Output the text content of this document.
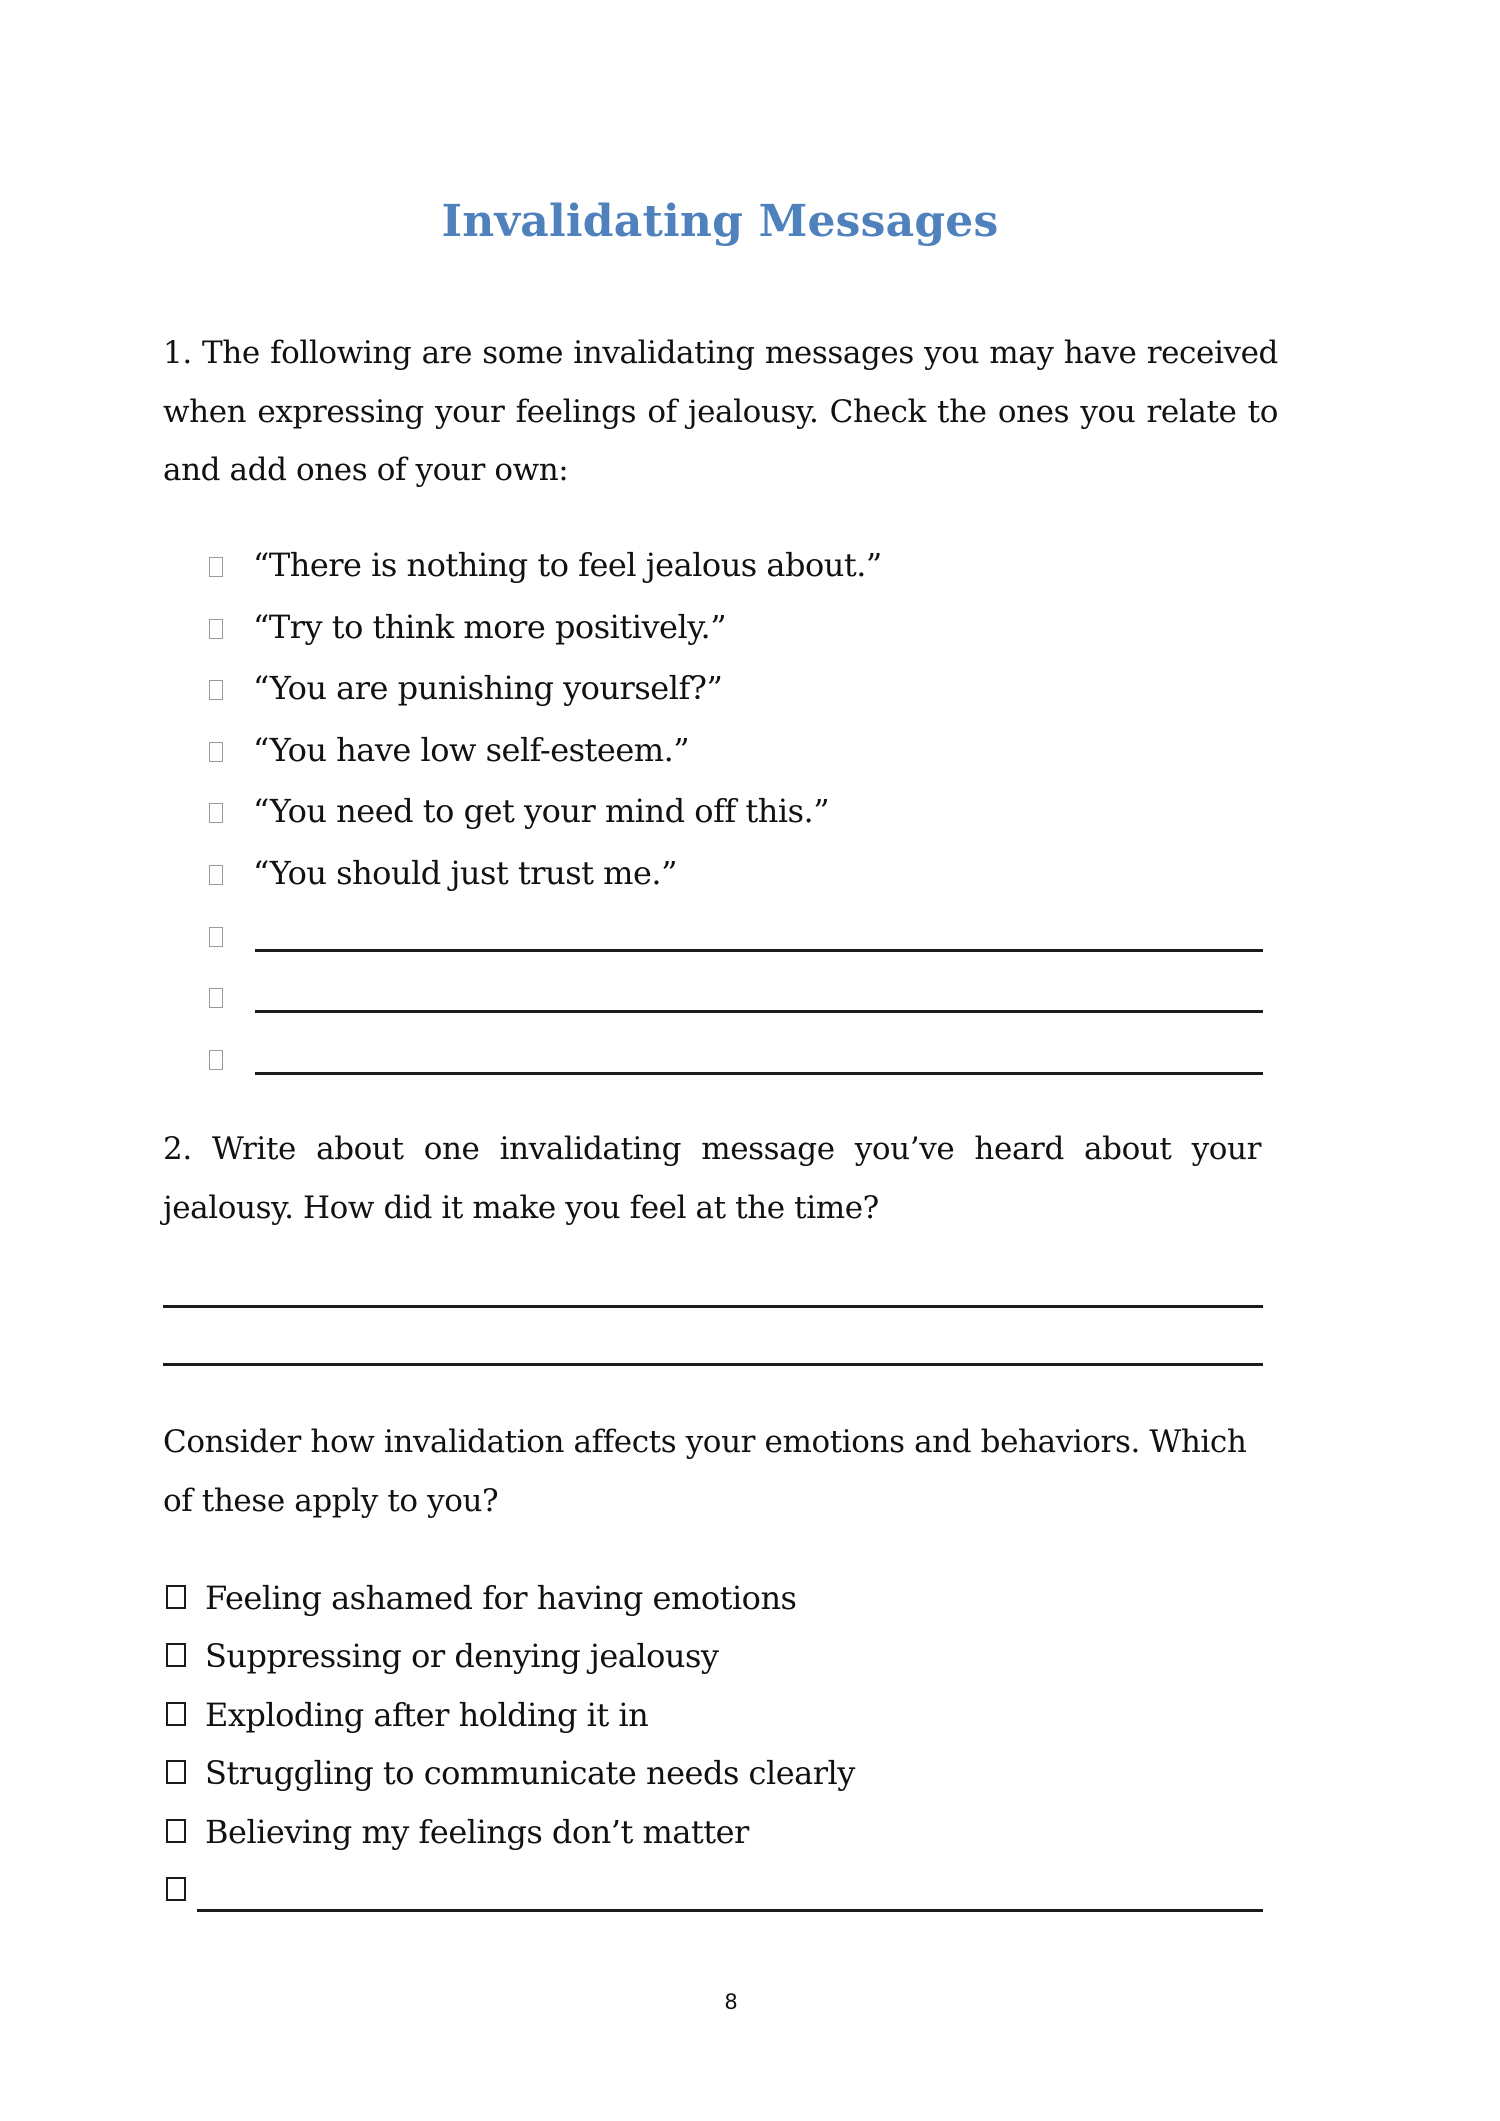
Invalidating Messages

1. The following are some invalidating messages you may have received when expressing your feelings of jealousy. Check the ones you relate to and add ones of your own:

“There is nothing to feel jealous about.”
“Try to think more positively.”
“You are punishing yourself?”
“You have low self-esteem.”
“You need to get your mind off this.”
“You should just trust me.”

2. Write about one invalidating message you’ve heard about your jealousy. How did it make you feel at the time?

Consider how invalidation affects your emotions and behaviors. Which of these apply to you?

Feeling ashamed for having emotions
Suppressing or denying jealousy
Exploding after holding it in
Struggling to communicate needs clearly
Believing my feelings don’t matter
8
